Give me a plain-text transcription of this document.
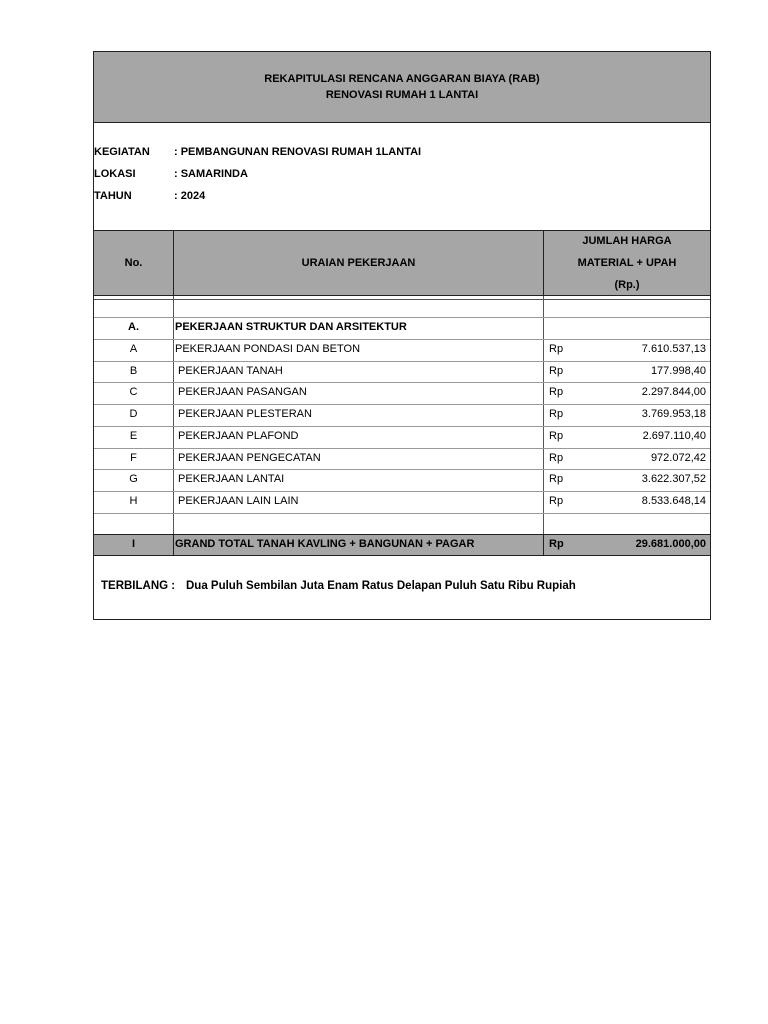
REKAPITULASI RENCANA ANGGARAN BIAYA (RAB)
RENOVASI RUMAH 1 LANTAI
KEGIATAN	: PEMBANGUNAN RENOVASI RUMAH 1LANTAI
LOKASI	: SAMARINDA
TAHUN	: 2024
No.	URAIAN PEKERJAAN
JUMLAH HARGA
MATERIAL + UPAH
(Rp.)
A.	PEKERJAAN STRUKTUR DAN ARSITEKTUR
A	PEKERJAAN PONDASI DAN BETON	Rp	7.610.537,13
B	PEKERJAAN TANAH	Rp	177.998,40
C	PEKERJAAN PASANGAN	Rp	2.297.844,00
D	PEKERJAAN PLESTERAN	Rp	3.769.953,18
E	PEKERJAAN PLAFOND	Rp	2.697.110,40
F	PEKERJAAN PENGECATAN	Rp	972.072,42
G	PEKERJAAN LANTAI	Rp	3.622.307,52
H	PEKERJAAN LAIN LAIN	Rp	8.533.648,14
I	GRAND TOTAL TANAH KAVLING + BANGUNAN + PAGAR	Rp	29.681.000,00
TERBILANG : Dua Puluh Sembilan Juta Enam Ratus Delapan Puluh Satu Ribu Rupiah
